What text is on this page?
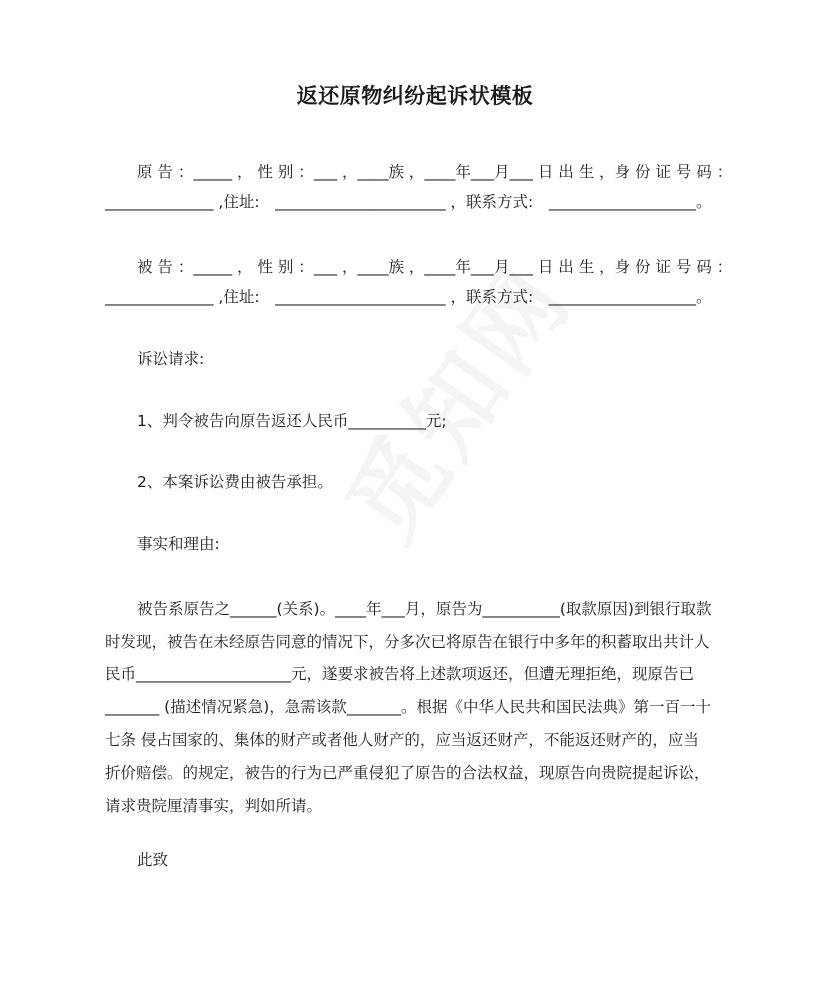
返还原物纠纷起诉状模板
原 告 ：_____ ， 性 别 ：___ ，____族 ，____年___月___ 日 出 生 ，身 份 证 号 码 ：
______________ ,住址:　______________________ ，联系方式:　___________________。
被 告 ：_____ ， 性 别 ：___ ，____族 ，____年___月___ 日 出 生 ，身 份 证 号 码 ：
______________ ,住址:　______________________ ，联系方式:　___________________。
诉讼请求:
1、判令被告向原告返还人民币__________元;
2、本案诉讼费由被告承担。
事实和理由:
被告系原告之______(关系)。____年___月，原告为__________(取款原因)到银行取款
时发现，被告在未经原告同意的情况下，分多次已将原告在银行中多年的积蓄取出共计人
民币____________________元，遂要求被告将上述款项返还，但遭无理拒绝，现原告已
_______ (描述情况紧急)，急需该款_______。根据《中华人民共和国民法典》第一百一十
七条 侵占国家的、集体的财产或者他人财产的，应当返还财产，不能返还财产的，应当
折价赔偿。的规定，被告的行为已严重侵犯了原告的合法权益，现原告向贵院提起诉讼，
请求贵院厘清事实，判如所请。
此致
